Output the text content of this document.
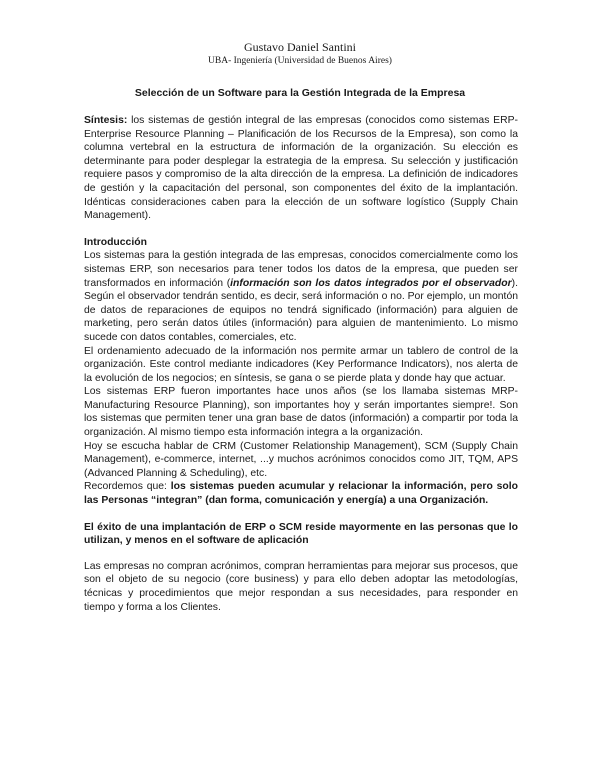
Gustavo Daniel Santini
UBA- Ingeniería (Universidad de Buenos Aires)
Selección de un Software para la Gestión Integrada de la Empresa

Síntesis: los sistemas de gestión integral de las empresas (conocidos como sistemas ERP- Enterprise Resource Planning – Planificación de los Recursos de la Empresa), son como la columna vertebral en la estructura de información de la organización. Su elección es determinante para poder desplegar la estrategia de la empresa. Su selección y justificación requiere pasos y compromiso de la alta dirección de la empresa. La definición de indicadores de gestión y la capacitación del personal, son componentes del éxito de la implantación. Idénticas consideraciones caben para la elección de un software logístico (Supply Chain Management).

Introducción

Los sistemas para la gestión integrada de las empresas, conocidos comercialmente como los sistemas ERP, son necesarios para tener todos los datos de la empresa, que pueden ser transformados en información (información son los datos integrados por el observador). Según el observador tendrán sentido, es decir, será información o no. Por ejemplo, un montón de datos de reparaciones de equipos no tendrá significado (información) para alguien de marketing, pero serán datos útiles (información) para alguien de mantenimiento. Lo mismo sucede con datos contables, comerciales, etc.

El ordenamiento adecuado de la información nos permite armar un tablero de control de la organización. Este control mediante indicadores (Key Performance Indicators), nos alerta de la evolución de los negocios; en síntesis, se gana o se pierde plata y donde hay que actuar.

Los sistemas ERP fueron importantes hace unos años (se los llamaba sistemas MRP- Manufacturing Resource Planning), son importantes hoy y serán importantes siempre!. Son los sistemas que permiten tener una gran base de datos (información) a compartir por toda la organización. Al mismo tiempo esta información integra a la organización.

Hoy se escucha hablar de CRM (Customer Relationship Management), SCM (Supply Chain Management), e-commerce, internet, ...y muchos acrónimos conocidos como JIT, TQM, APS (Advanced Planning & Scheduling), etc.

Recordemos que: los sistemas pueden acumular y relacionar la información, pero solo las Personas “integran” (dan forma, comunicación y energía) a una Organización.

El éxito de una implantación de ERP o SCM reside mayormente en las personas que lo utilizan, y menos en el software de aplicación

Las empresas no compran acrónimos, compran herramientas para mejorar sus procesos, que son el objeto de su negocio (core business) y para ello deben adoptar las metodologías, técnicas y procedimientos que mejor respondan a sus necesidades, para responder en tiempo y forma a los Clientes.
